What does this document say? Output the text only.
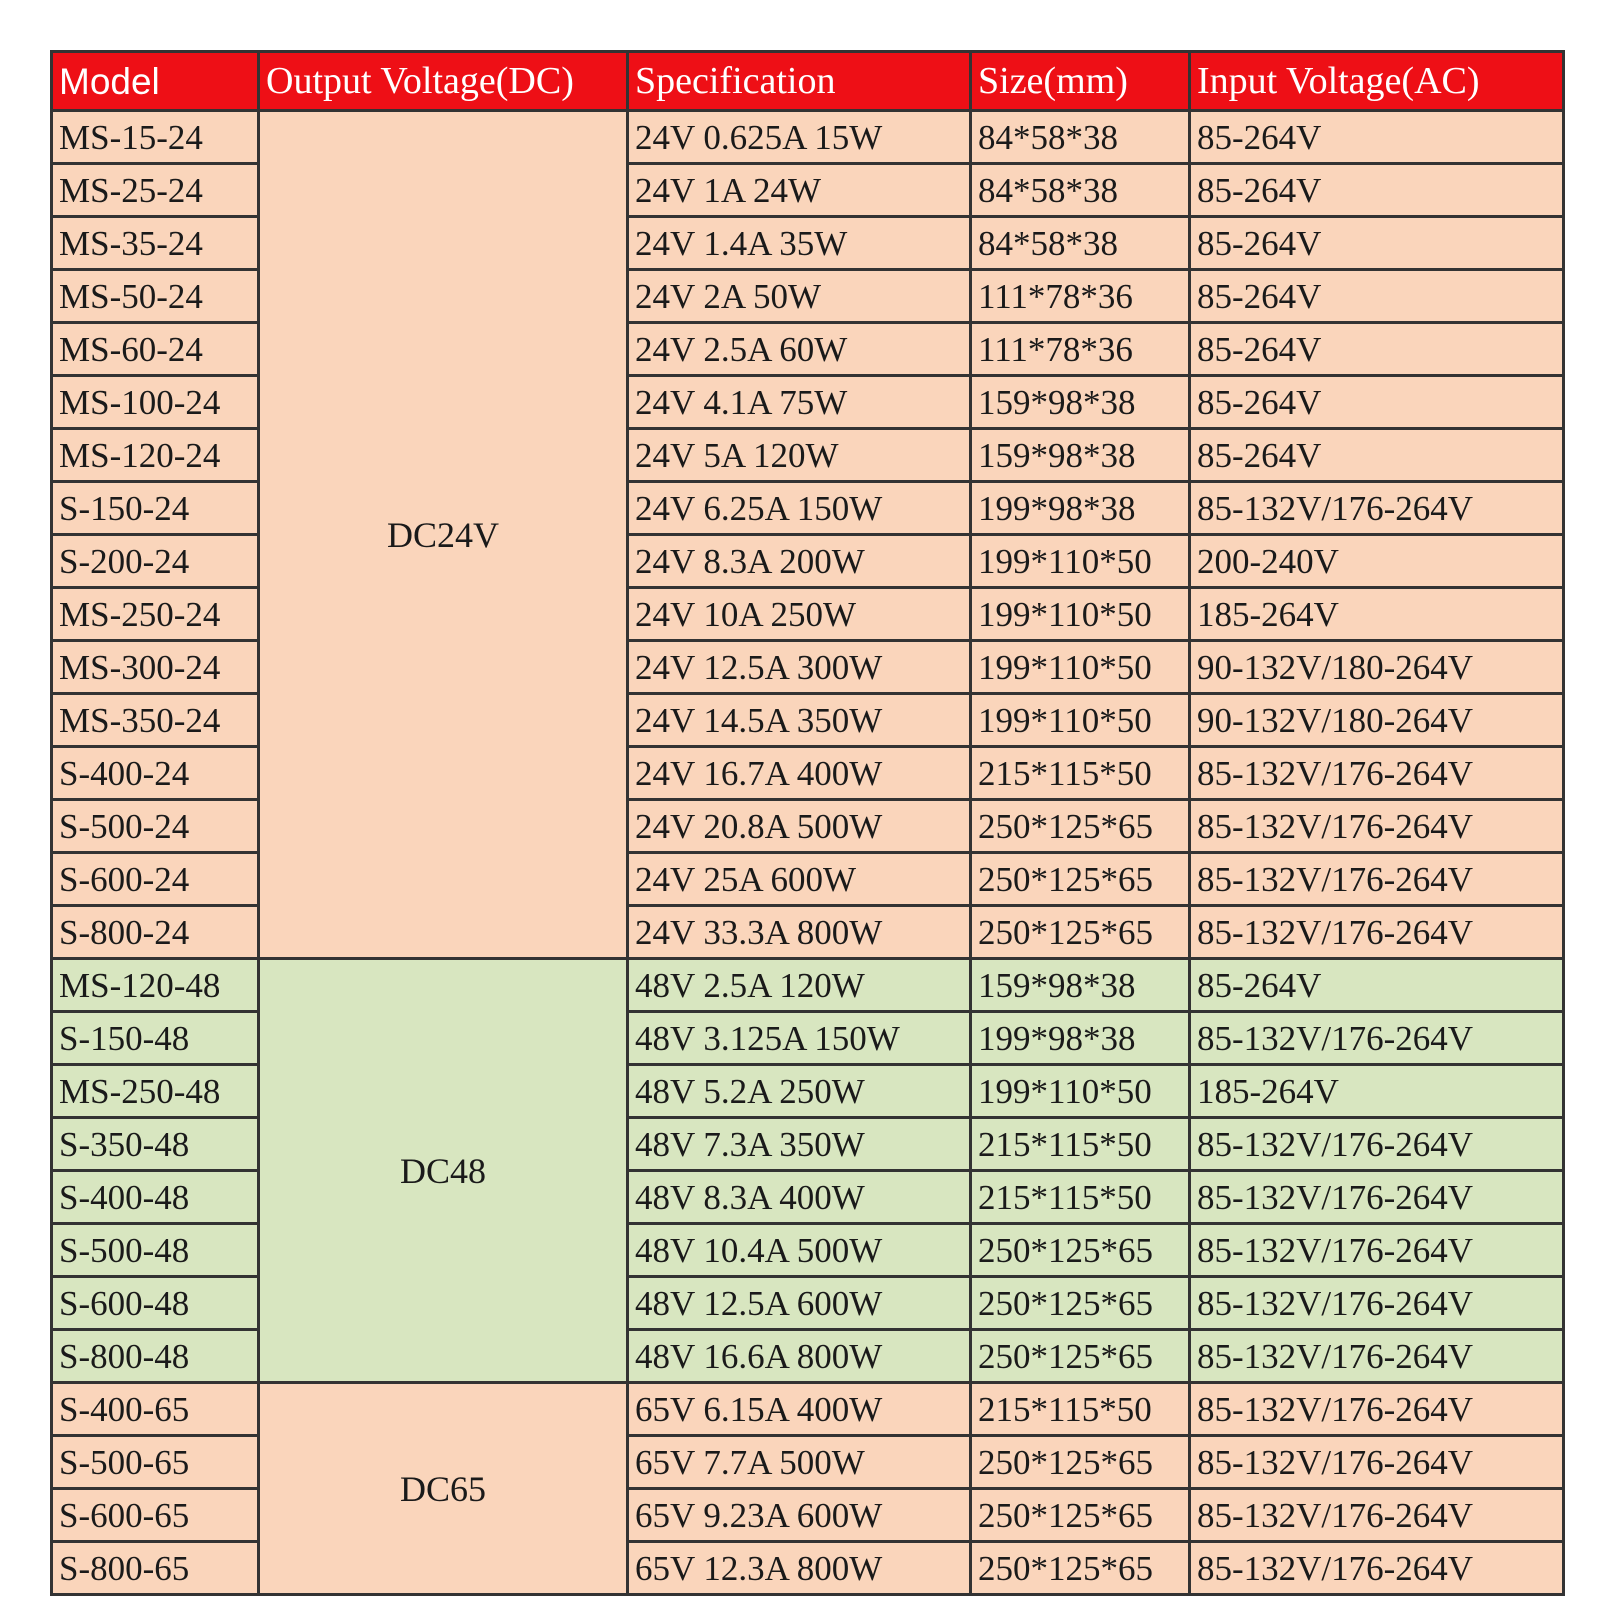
Model	Output Voltage(DC)	Specification	Size(mm)	Input Voltage(AC)
MS-15-24	DC24V	24V 0.625A 15W	84*58*38	85-264V
MS-25-24		24V 1A 24W	84*58*38	85-264V
MS-35-24		24V 1.4A 35W	84*58*38	85-264V
MS-50-24		24V 2A 50W	111*78*36	85-264V
MS-60-24		24V 2.5A 60W	111*78*36	85-264V
MS-100-24		24V 4.1A 75W	159*98*38	85-264V
MS-120-24		24V 5A 120W	159*98*38	85-264V
S-150-24		24V 6.25A 150W	199*98*38	85-132V/176-264V
S-200-24		24V 8.3A 200W	199*110*50	200-240V
MS-250-24		24V 10A 250W	199*110*50	185-264V
MS-300-24		24V 12.5A 300W	199*110*50	90-132V/180-264V
MS-350-24		24V 14.5A 350W	199*110*50	90-132V/180-264V
S-400-24		24V 16.7A 400W	215*115*50	85-132V/176-264V
S-500-24		24V 20.8A 500W	250*125*65	85-132V/176-264V
S-600-24		24V 25A 600W	250*125*65	85-132V/176-264V
S-800-24		24V 33.3A 800W	250*125*65	85-132V/176-264V
MS-120-48	DC48	48V 2.5A 120W	159*98*38	85-264V
S-150-48		48V 3.125A 150W	199*98*38	85-132V/176-264V
MS-250-48		48V 5.2A 250W	199*110*50	185-264V
S-350-48		48V 7.3A 350W	215*115*50	85-132V/176-264V
S-400-48		48V 8.3A 400W	215*115*50	85-132V/176-264V
S-500-48		48V 10.4A 500W	250*125*65	85-132V/176-264V
S-600-48		48V 12.5A 600W	250*125*65	85-132V/176-264V
S-800-48		48V 16.6A 800W	250*125*65	85-132V/176-264V
S-400-65	DC65	65V 6.15A 400W	215*115*50	85-132V/176-264V
S-500-65		65V 7.7A 500W	250*125*65	85-132V/176-264V
S-600-65		65V 9.23A 600W	250*125*65	85-132V/176-264V
S-800-65		65V 12.3A 800W	250*125*65	85-132V/176-264V
